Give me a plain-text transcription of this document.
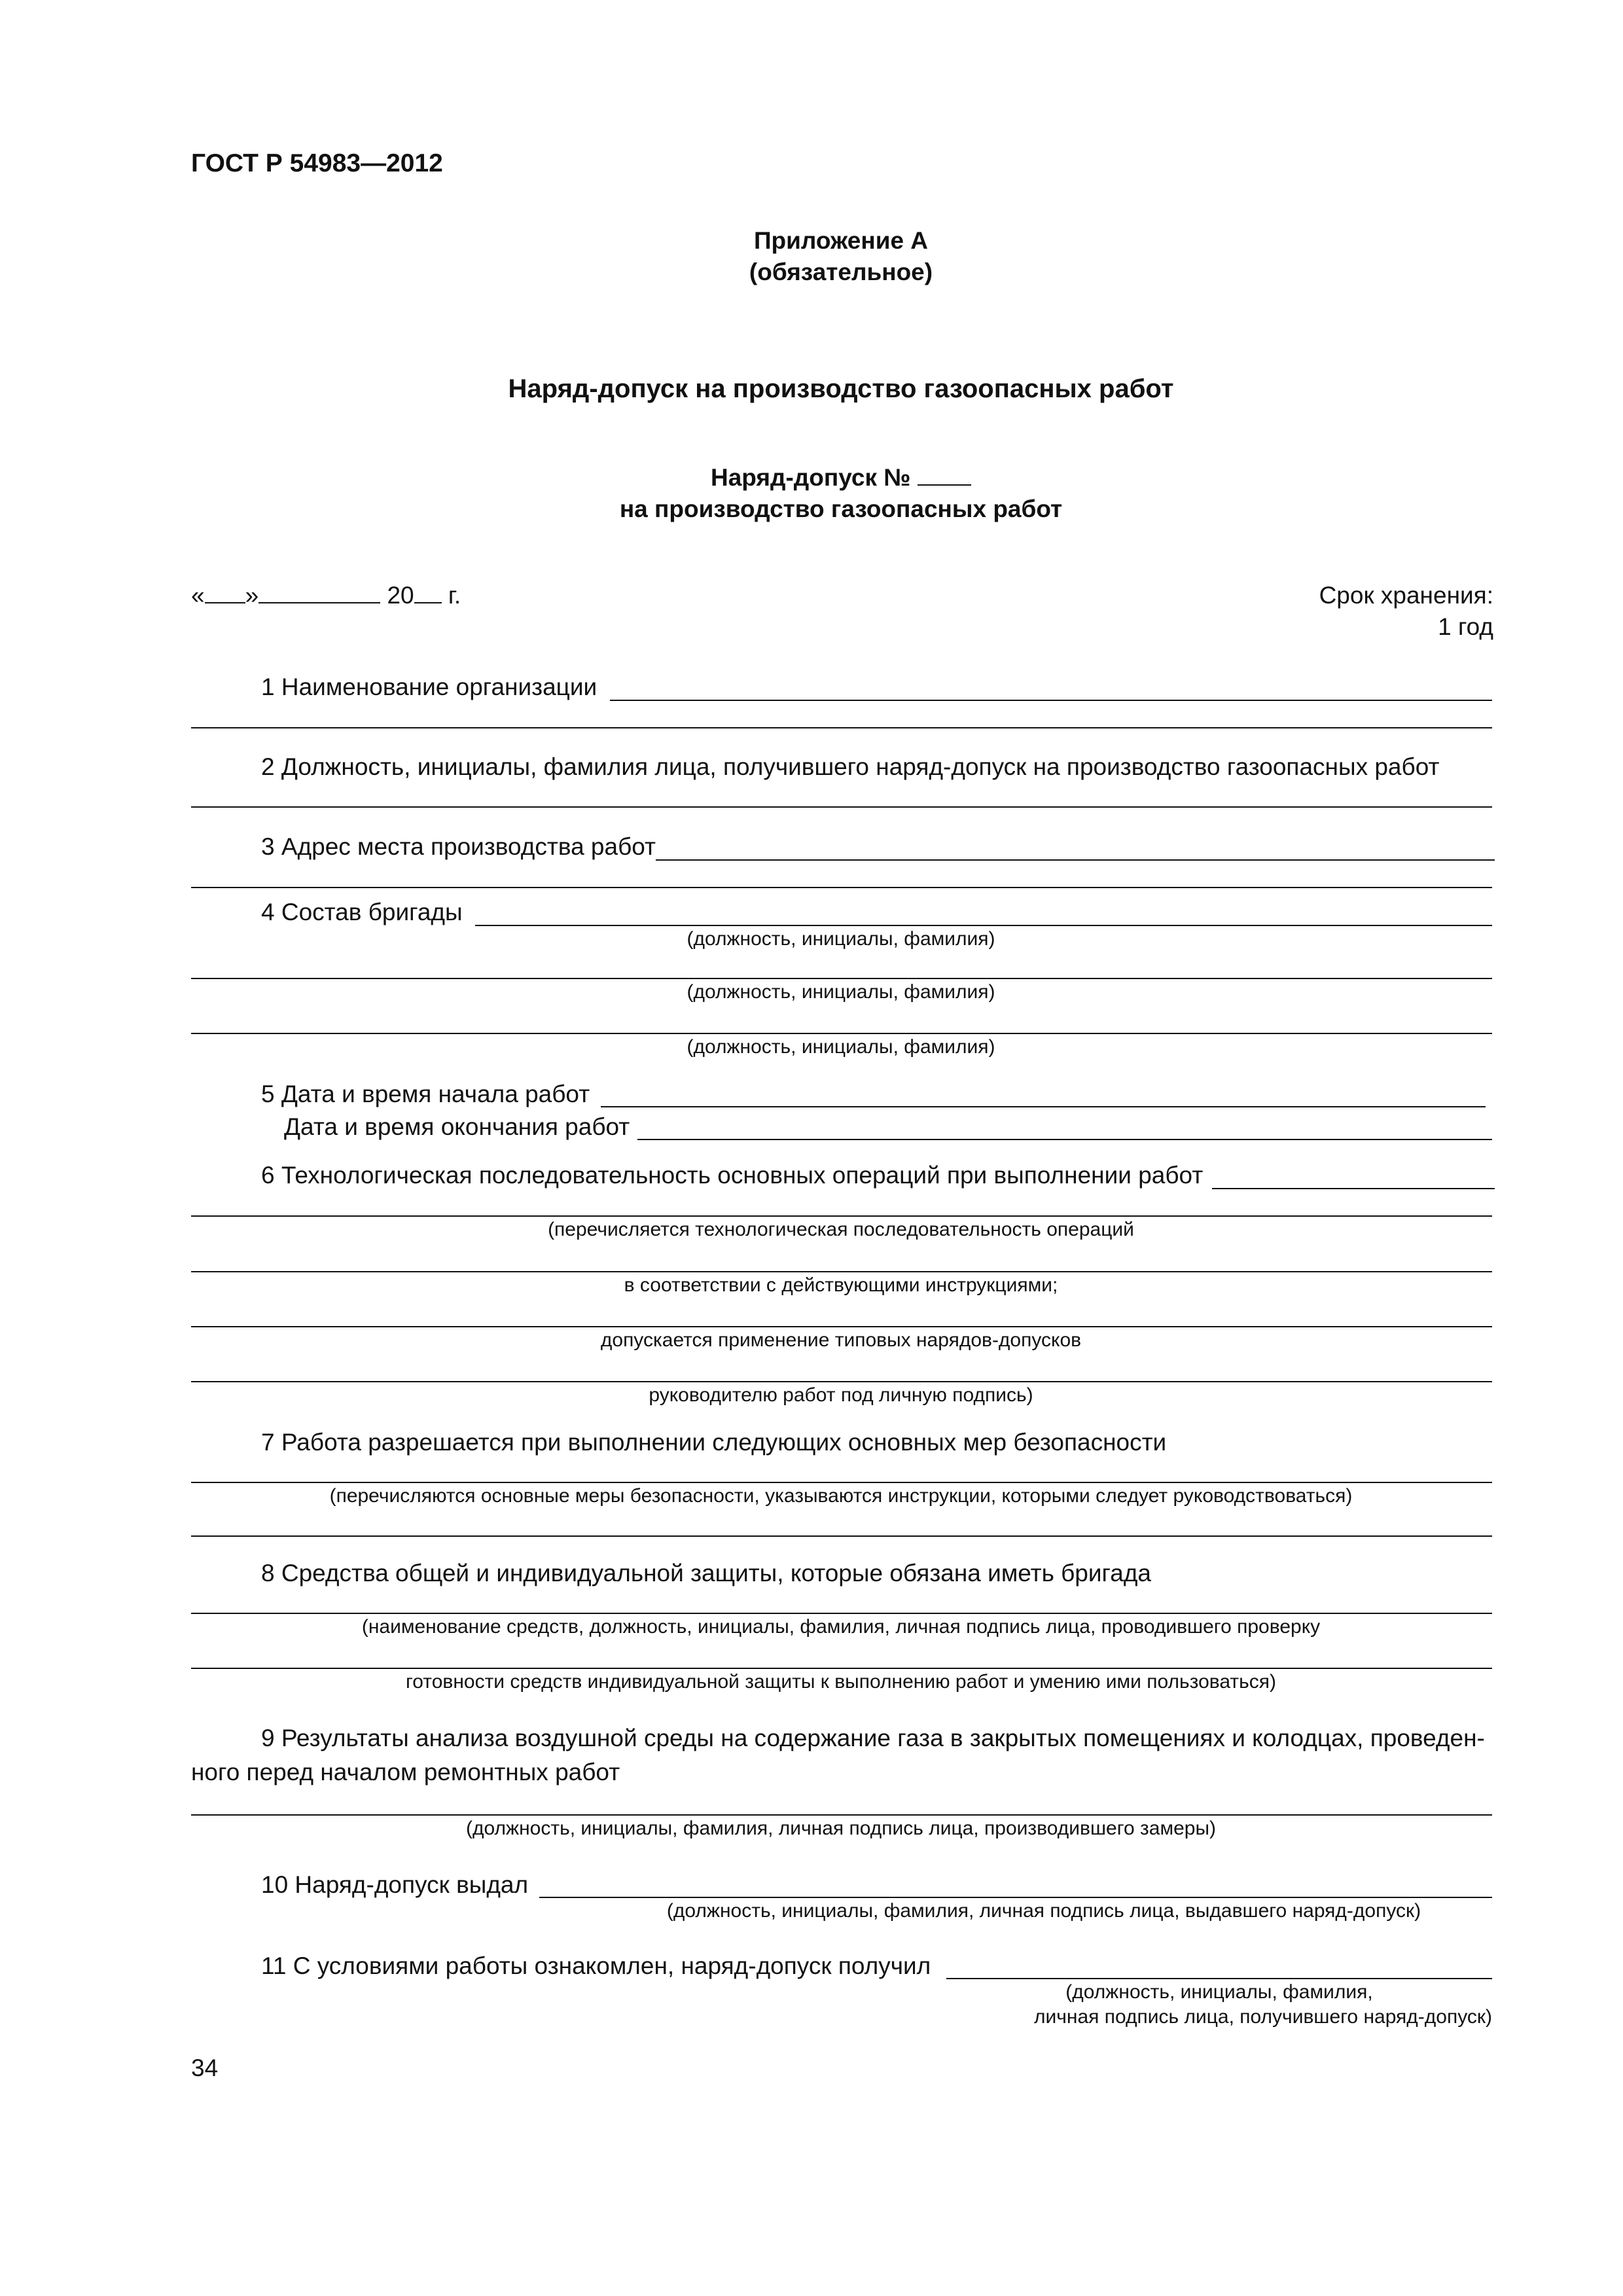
ГОСТ Р 54983—2012
Приложение А
(обязательное)
Наряд-допуск на производство газоопасных работ
Наряд-допуск №
на производство газоопасных работ
« »	20 г.	Срок хранения:
1 год
1 Наименование организации
2 Должность, инициалы, фамилия лица, получившего наряд-допуск на производство газоопасных работ
3 Адрес места производства работ
4 Состав бригады
(должность, инициалы, фамилия)
(должность, инициалы, фамилия)
(должность, инициалы, фамилия)
5 Дата и время начала работ
Дата и время окончания работ
6 Технологическая последовательность основных операций при выполнении работ
(перечисляется технологическая последовательность операций
в соответствии с действующими инструкциями;
допускается применение типовых нарядов-допусков
руководителю работ под личную подпись)
7 Работа разрешается при выполнении следующих основных мер безопасности
(перечисляются основные меры безопасности, указываются инструкции, которыми следует руководствоваться)
8 Средства общей и индивидуальной защиты, которые обязана иметь бригада
(наименование средств, должность, инициалы, фамилия, личная подпись лица, проводившего проверку
готовности средств индивидуальной защиты к выполнению работ и умению ими пользоваться)
9 Результаты анализа воздушной среды на содержание газа в закрытых помещениях и колодцах, проведен-
ного перед началом ремонтных работ
(должность, инициалы, фамилия, личная подпись лица, производившего замеры)
10 Наряд-допуск выдал
(должность, инициалы, фамилия, личная подпись лица, выдавшего наряд-допуск)
11 С условиями работы ознакомлен, наряд-допуск получил
(должность, инициалы, фамилия,
личная подпись лица, получившего наряд-допуск)
34
